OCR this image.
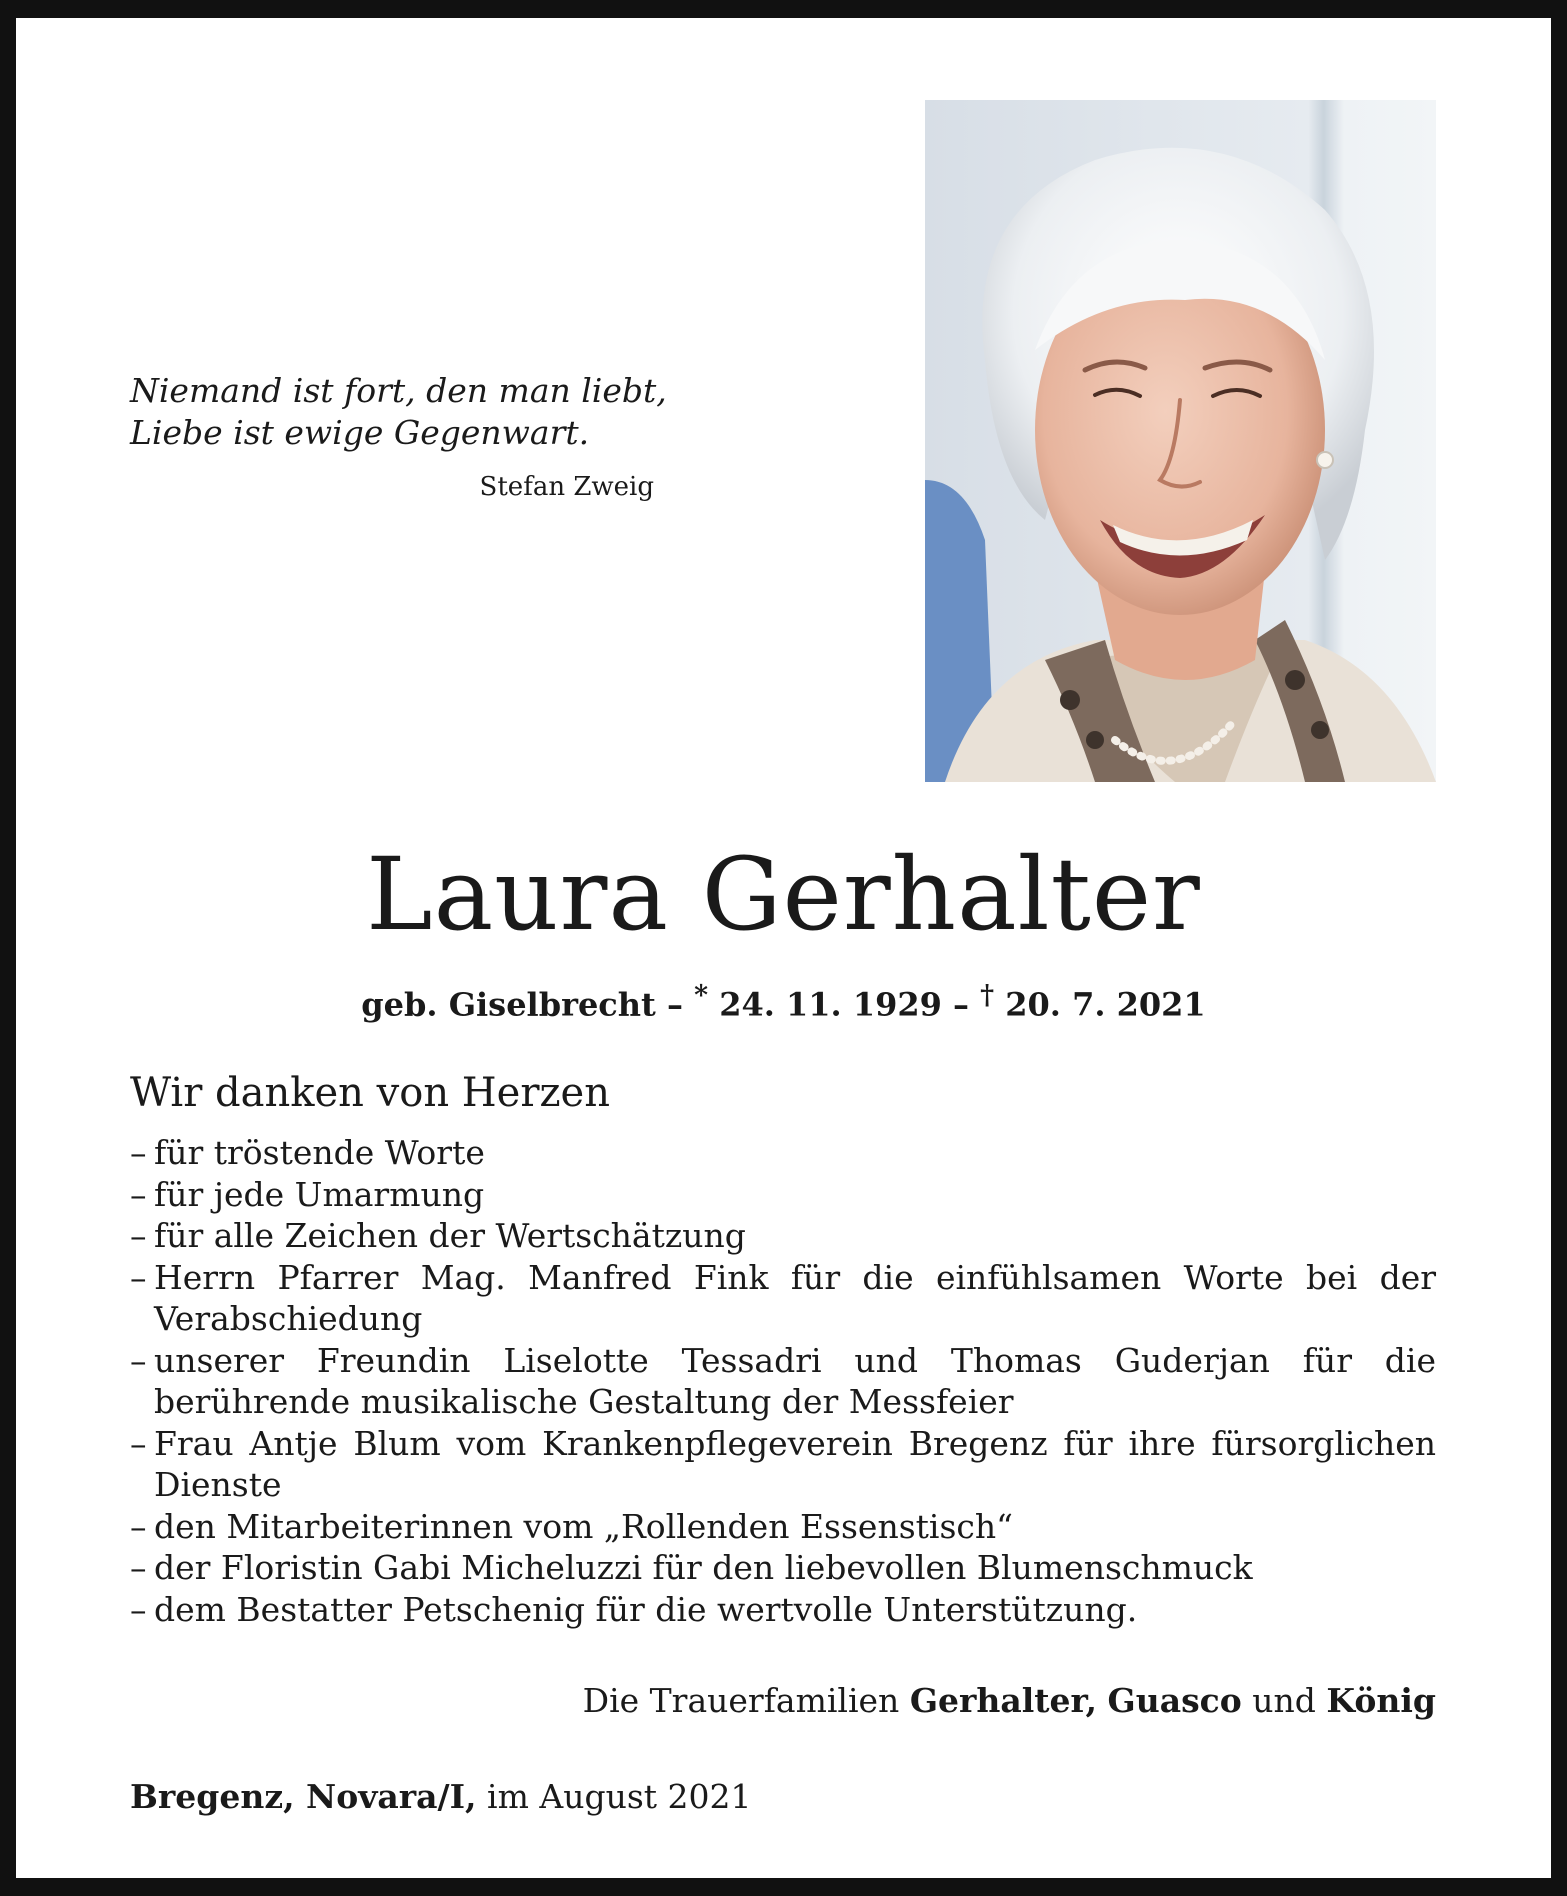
Niemand ist fort, den man liebt,
Liebe ist ewige Gegenwart.
Stefan Zweig
Laura Gerhalter
geb. Giselbrecht – * 24. 11. 1929 – † 20. 7. 2021
Wir danken von Herzen
– für tröstende Worte
– für jede Umarmung
– für alle Zeichen der Wertschätzung
– Herrn Pfarrer Mag. Manfred Fink für die einfühlsamen Worte bei der Verabschiedung
– unserer Freundin Liselotte Tessadri und Thomas Guderjan für die berührende musikalische Gestaltung der Messfeier
– Frau Antje Blum vom Krankenpflegeverein Bregenz für ihre fürsorglichen Dienste
– den Mitarbeiterinnen vom „Rollenden Essenstisch“
– der Floristin Gabi Micheluzzi für den liebevollen Blumenschmuck
– dem Bestatter Petschenig für die wertvolle Unterstützung.
Die Trauerfamilien Gerhalter, Guasco und König
Bregenz, Novara/I, im August 2021
